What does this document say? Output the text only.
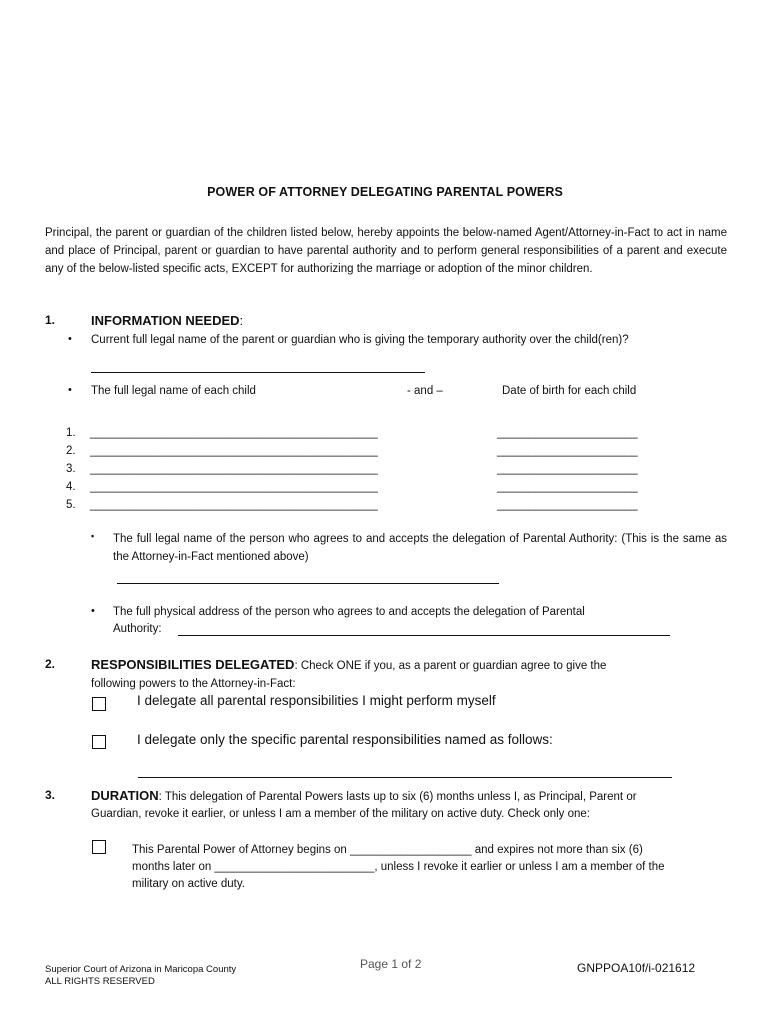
POWER OF ATTORNEY DELEGATING PARENTAL POWERS
Principal, the parent or guardian of the children listed below, hereby appoints the below-named Agent/Attorney-in-Fact to act in name and place of Principal, parent or guardian to have parental authority and to perform general responsibilities of a parent and execute any of the below-listed specific acts, EXCEPT for authorizing the marriage or adoption of the minor children.
1.	INFORMATION NEEDED:
• Current full legal name of the parent or guardian who is giving the temporary authority over the child(ren)?
• The full legal name of each child	- and –	Date of birth for each child
1. _____________________________________________	______________________
2. _____________________________________________	______________________
3. _____________________________________________	______________________
4. _____________________________________________	______________________
5. _____________________________________________	______________________
▪ The full legal name of the person who agrees to and accepts the delegation of Parental Authority: (This is the same as the Attorney-in-Fact mentioned above)
• The full physical address of the person who agrees to and accepts the delegation of Parental
Authority:
2.	RESPONSIBILITIES DELEGATED: Check ONE if you, as a parent or guardian agree to give the
following powers to the Attorney-in-Fact:
I delegate all parental responsibilities I might perform myself
I delegate only the specific parental responsibilities named as follows:
3.	DURATION: This delegation of Parental Powers lasts up to six (6) months unless I, as Principal, Parent or
Guardian, revoke it earlier, or unless I am a member of the military on active duty. Check only one:
This Parental Power of Attorney begins on ___________________ and expires not more than six (6)
months later on _________________________, unless I revoke it earlier or unless I am a member of the
military on active duty.
Superior Court of Arizona in Maricopa County
ALL RIGHTS RESERVED
Page 1 of 2	GNPPOA10f/i-021612
